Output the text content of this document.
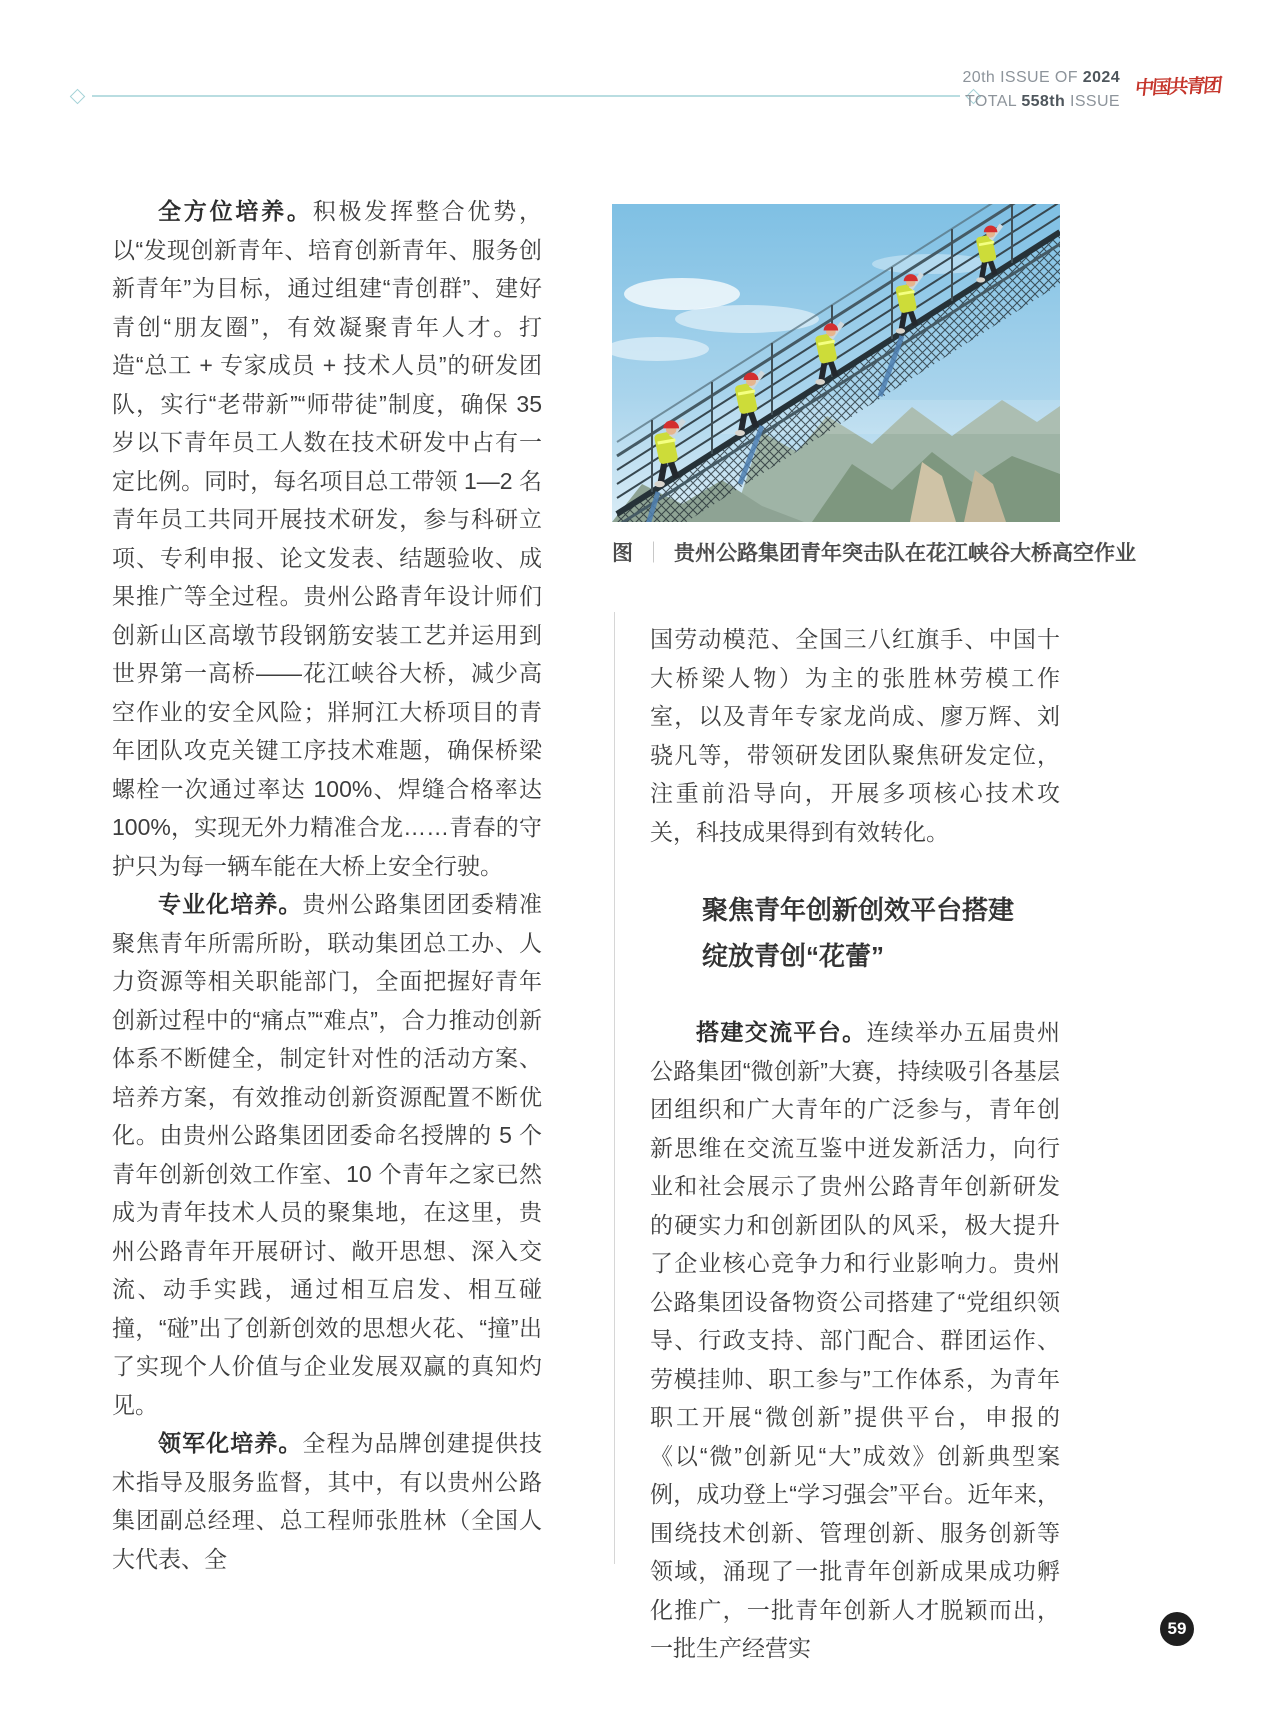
20th ISSUE OF 2024
TOTAL 558th ISSUE
中国共青团

全方位培养。积极发挥整合优势，以“发现创新青年、培育创新青年、服务创新青年”为目标，通过组建“青创群”、建好青创“朋友圈”，有效凝聚青年人才。打造“总工 + 专家成员 + 技术人员”的研发团队，实行“老带新”“师带徒”制度，确保 35 岁以下青年员工人数在技术研发中占有一定比例。同时，每名项目总工带领 1—2 名青年员工共同开展技术研发，参与科研立项、专利申报、论文发表、结题验收、成果推广等全过程。贵州公路青年设计师们创新山区高墩节段钢筋安装工艺并运用到世界第一高桥——花江峡谷大桥，减少高空作业的安全风险；牂牁江大桥项目的青年团队攻克关键工序技术难题，确保桥梁螺栓一次通过率达 100%、焊缝合格率达 100%，实现无外力精准合龙……青春的守护只为每一辆车能在大桥上安全行驶。

专业化培养。贵州公路集团团委精准聚焦青年所需所盼，联动集团总工办、人力资源等相关职能部门，全面把握好青年创新过程中的“痛点”“难点”，合力推动创新体系不断健全，制定针对性的活动方案、培养方案，有效推动创新资源配置不断优化。由贵州公路集团团委命名授牌的 5 个青年创新创效工作室、10 个青年之家已然成为青年技术人员的聚集地，在这里，贵州公路青年开展研讨、敞开思想、深入交流、动手实践，通过相互启发、相互碰撞，“碰”出了创新创效的思想火花、“撞”出了实现个人价值与企业发展双赢的真知灼见。

领军化培养。全程为品牌创建提供技术指导及服务监督，其中，有以贵州公路集团副总经理、总工程师张胜林（全国人大代表、全

图 ｜ 贵州公路集团青年突击队在花江峡谷大桥高空作业

国劳动模范、全国三八红旗手、中国十大桥梁人物）为主的张胜林劳模工作室，以及青年专家龙尚成、廖万辉、刘骁凡等，带领研发团队聚焦研发定位，注重前沿导向，开展多项核心技术攻关，科技成果得到有效转化。

聚焦青年创新创效平台搭建
绽放青创“花蕾”

搭建交流平台。连续举办五届贵州公路集团“微创新”大赛，持续吸引各基层团组织和广大青年的广泛参与，青年创新思维在交流互鉴中迸发新活力，向行业和社会展示了贵州公路青年创新研发的硬实力和创新团队的风采，极大提升了企业核心竞争力和行业影响力。贵州公路集团设备物资公司搭建了“党组织领导、行政支持、部门配合、群团运作、劳模挂帅、职工参与”工作体系，为青年职工开展“微创新”提供平台，申报的《以“微”创新见“大”成效》创新典型案例，成功登上“学习强会”平台。近年来，围绕技术创新、管理创新、服务创新等领域，涌现了一批青年创新成果成功孵化推广，一批青年创新人才脱颖而出，一批生产经营实

59
